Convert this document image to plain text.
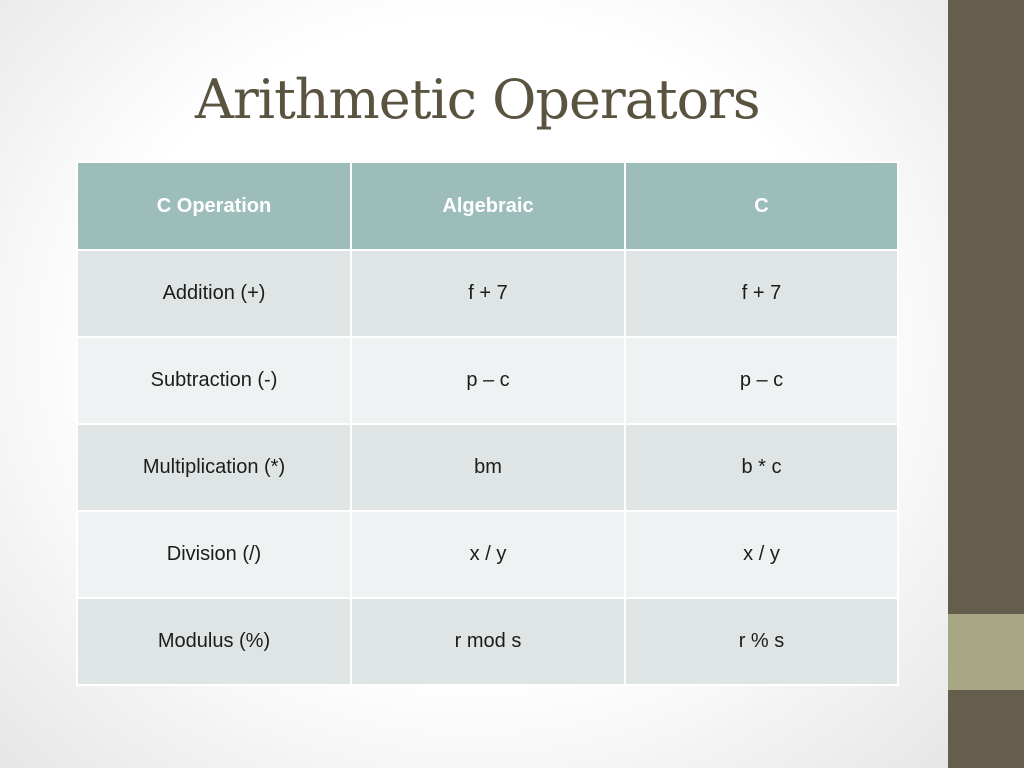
Arithmetic Operators
C Operation	Algebraic	C
Addition (+)	f + 7	f + 7
Subtraction (-)	p – c	p – c
Multiplication (*)	bm	b * c
Division (/)	x / y	x / y
Modulus (%)	r mod s	r % s
